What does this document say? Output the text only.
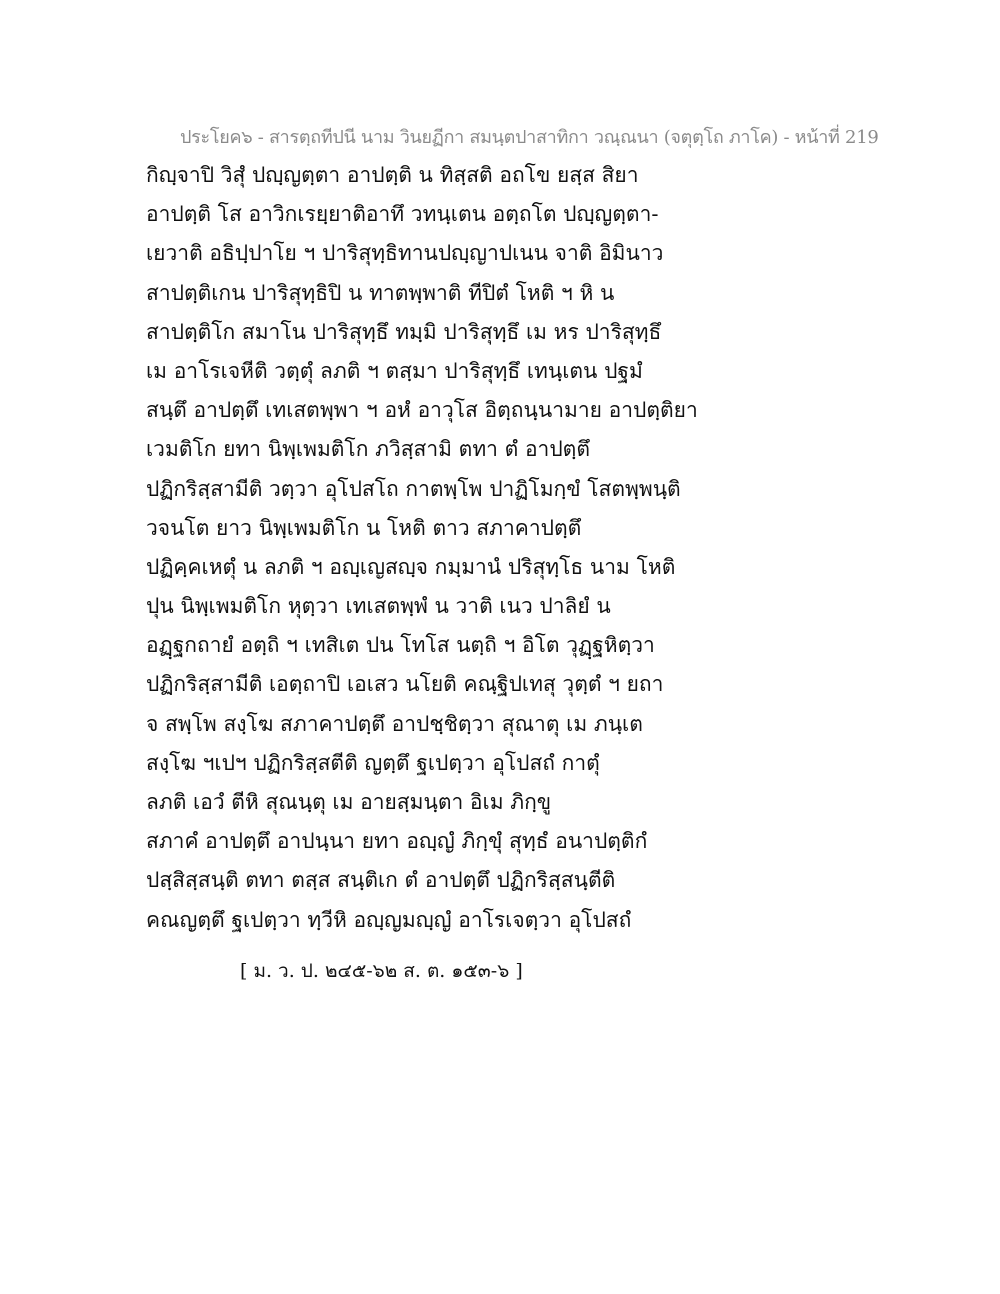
ประโยค๖ - สารตฺถทีปนี นาม วินยฏีกา สมนฺตปาสาทิกา วณฺณนา (จตุตฺโถ ภาโค) - หน้าที่ 219
กิญฺจาปิ วิสุํ ปญฺญตฺตา อาปตฺติ น ทิสฺสติ อถโข ยสฺส สิยา
อาปตฺติ โส อาวิกเรยฺยาติอาทึ วทนฺเตน อตฺถโต ปญฺญตฺตา-
เยวาติ อธิปฺปาโย ฯ ปาริสุทฺธิทานปญฺญาปเนน จาติ อิมินาว
สาปตฺติเกน ปาริสุทฺธิปิ น ทาตพฺพาติ ทีปิตํ โหติ ฯ หิ น
สาปตฺติโก สมาโน ปาริสุทฺธึ ทมฺมิ ปาริสุทฺธึ เม หร ปาริสุทฺธึ
เม อาโรเจหีติ วตฺตุํ ลภติ ฯ ตสฺมา ปาริสุทฺธึ เทนฺเตน ปฐมํ
สนฺตึ อาปตฺตึ เทเสตพฺพา ฯ อหํ อาวุโส อิตฺถนฺนามาย อาปตฺติยา
เวมติโก ยทา นิพฺเพมติโก ภวิสฺสามิ ตทา ตํ อาปตฺตึ
ปฏิกริสฺสามีติ วตฺวา อุโปสโถ กาตพฺโพ ปาฏิโมกฺขํ โสตพฺพนฺติ
วจนโต ยาว นิพฺเพมติโก น โหติ ตาว สภาคาปตฺตึ
ปฏิคฺคเหตุํ น ลภติ ฯ อญฺเญสญฺจ กมฺมานํ ปริสุทฺโธ นาม โหติ
ปุน นิพฺเพมติโก หุตฺวา เทเสตพฺพํ น วาติ เนว ปาลิยํ น
อฏฺฐกถายํ อตฺถิ ฯ เทสิเต ปน โทโส นตฺถิ ฯ อิโต วุฏฺฐหิตฺวา
ปฏิกริสฺสามีติ เอตฺถาปิ เอเสว นโยติ คณฺฐิปเทสุ วุตฺตํ ฯ ยถา
จ สพฺโพ สงฺโฆ สภาคาปตฺตึ อาปชฺชิตฺวา สุณาตุ เม ภนฺเต
สงฺโฆ ฯเปฯ ปฏิกริสฺสตีติ ญตฺตึ ฐเปตฺวา อุโปสถํ กาตุํ
ลภติ เอวํ ตีหิ สุณนฺตุ เม อายสฺมนฺตา อิเม ภิกฺขู
สภาคํ อาปตฺตึ อาปนฺนา ยทา อญฺญํ ภิกฺขุํ สุทฺธํ อนาปตฺติกํ
ปสฺสิสฺสนฺติ ตทา ตสฺส สนฺติเก ตํ อาปตฺตึ ปฏิกริสฺสนฺตีติ
คณญตฺตึ ฐเปตฺวา ทฺวีหิ อญฺญมญฺญํ อาโรเจตฺวา อุโปสถํ
[ ม. ว. ป. ๒๔๕-๖๒ ส. ต. ๑๕๓-๖ ]
